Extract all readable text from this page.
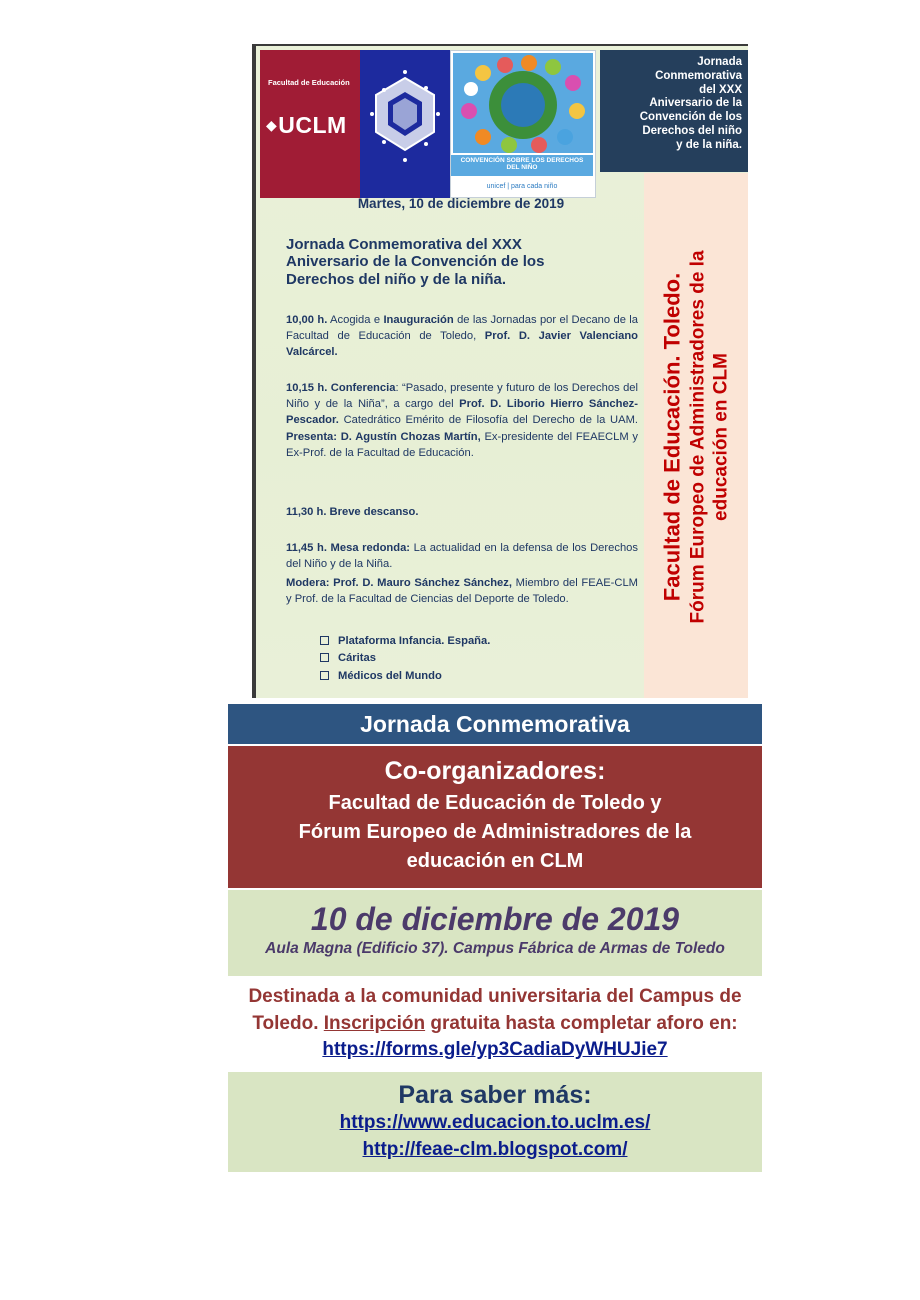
Facultad de Educación
◆UCLM
CONVENCIÓN SOBRE LOS DERECHOS DEL NIÑO
unicef | para cada niño
Jornada
Conmemorativa
del XXX
Aniversario de la
Convención de los
Derechos del niño
y de la niña.
Facultad de Educación. Toledo. Fórum Europeo de Administradores de la educación en CLM
Martes, 10 de diciembre de 2019
Jornada Conmemorativa del XXX Aniversario de la Convención de los Derechos del niño y de la niña.
10,00 h. Acogida e Inauguración de las Jornadas por el Decano de la Facultad de Educación de Toledo, Prof. D. Javier Valenciano Valcárcel.
10,15 h. Conferencia: “Pasado, presente y futuro de los Derechos del Niño y de la Niña”, a cargo del Prof. D. Liborio Hierro Sánchez-Pescador. Catedrático Emérito de Filosofía del Derecho de la UAM. Presenta: D. Agustín Chozas Martín, Ex-presidente del FEAECLM y Ex-Prof. de la Facultad de Educación.
11,30 h. Breve descanso.
11,45 h. Mesa redonda: La actualidad en la defensa de los Derechos del Niño y de la Niña.
Modera: Prof. D. Mauro Sánchez Sánchez, Miembro del FEAE-CLM y Prof. de la Facultad de Ciencias del Deporte de Toledo.
Plataforma Infancia. España.
Cáritas
Médicos del Mundo
Jornada Conmemorativa
Co-organizadores:
Facultad de Educación de Toledo y
Fórum Europeo de Administradores de la
educación en CLM
10 de diciembre de 2019
Aula Magna (Edificio 37). Campus Fábrica de Armas de Toledo
Destinada a la comunidad universitaria del Campus de Toledo. Inscripción gratuita hasta completar aforo en:
https://forms.gle/yp3CadiaDyWHUJie7
Para saber más:
https://www.educacion.to.uclm.es/
http://feae-clm.blogspot.com/
